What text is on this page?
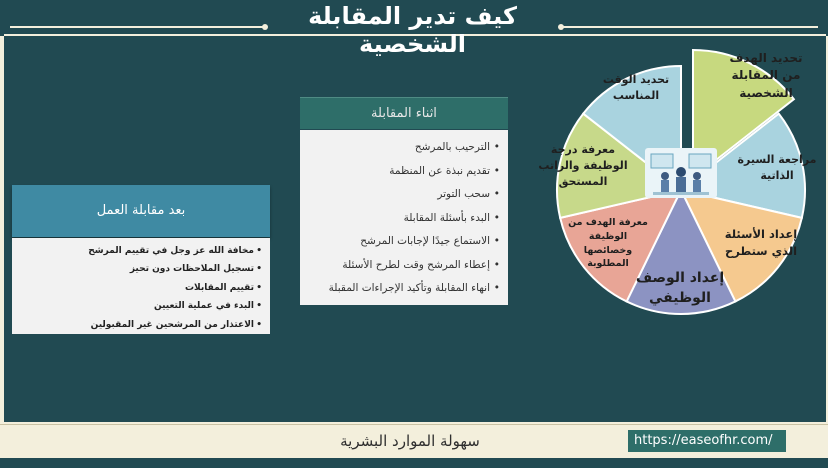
كيف تدير المقابلة الشخصية
اثناء المقابلة
• الترحيب بالمرشح
• تقديم نبذة عن المنظمة
• سحب التوتر
• البدء بأسئلة المقابلة
• الاستماع جيدًا لإجابات المرشح
• إعطاء المرشح وقت لطرح الأسئلة
• انهاء المقابلة وتأكيد الإجراءات المقبلة
بعد مقابلة العمل
• مخافة الله عز وجل في تقييم المرشح
• تسجيل الملاحظات دون تحيز
• تقييم المقابلات
• البدء في عملية التعيين
• الاعتذار من المرشحين غير المقبولين
تحديد الهدف
من المقابلة
الشخصية
مراجعة السيرة
الذاتية
إعداد الأسئلة
الذي ستطرح
إعداد الوصف
الوظيفي
معرفة الهدف من
الوظيفة
وخصائصها
المطلوبة
معرفة درجة
الوظيفة والراتب
المستحق
تحديد الوقت
المناسب
سهولة الموارد البشرية	https://easeofhr.com/
